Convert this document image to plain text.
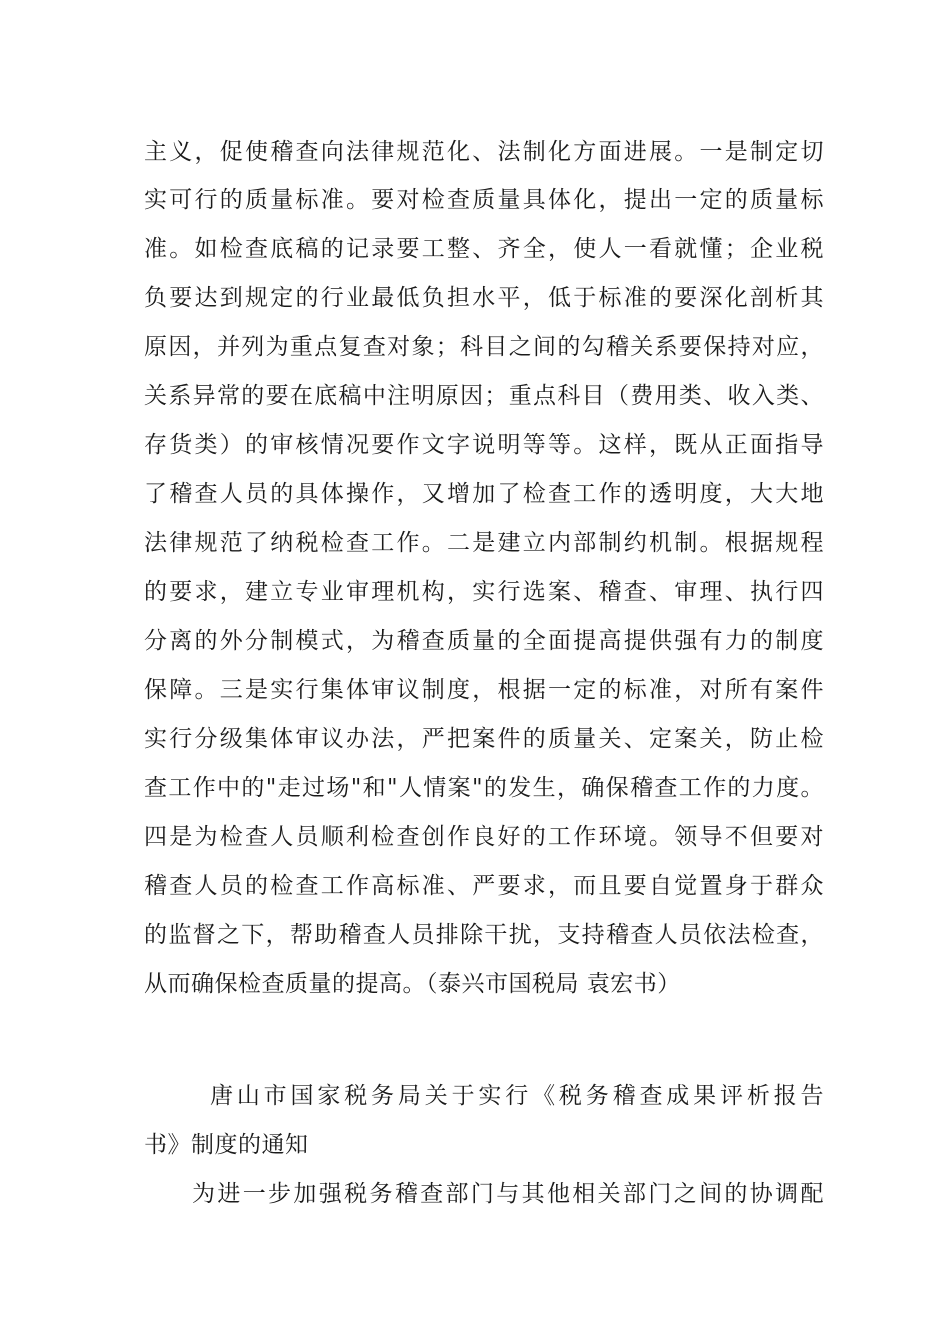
主义，促使稽查向法律规范化、法制化方面进展。一是制定切
实可行的质量标准。要对检查质量具体化，提出一定的质量标
准。如检查底稿的记录要工整、齐全，使人一看就懂；企业税
负要达到规定的行业最低负担水平，低于标准的要深化剖析其
原因，并列为重点复查对象；科目之间的勾稽关系要保持对应，
关系异常的要在底稿中注明原因；重点科目（费用类、收入类、
存货类）的审核情况要作文字说明等等。这样，既从正面指导
了稽查人员的具体操作，又增加了检查工作的透明度，大大地
法律规范了纳税检查工作。二是建立内部制约机制。根据规程
的要求，建立专业审理机构，实行选案、稽查、审理、执行四
分离的外分制模式，为稽查质量的全面提高提供强有力的制度
保障。三是实行集体审议制度，根据一定的标准，对所有案件
实行分级集体审议办法，严把案件的质量关、定案关，防止检
查工作中的"走过场"和"人情案"的发生，确保稽查工作的力度。
四是为检查人员顺利检查创作良好的工作环境。领导不但要对
稽查人员的检查工作高标准、严要求，而且要自觉置身于群众
的监督之下，帮助稽查人员排除干扰，支持稽查人员依法检查，
从而确保检查质量的提高。（泰兴市国税局 袁宏书）
唐山市国家税务局关于实行《税务稽查成果评析报告
书》制度的通知
为进一步加强税务稽查部门与其他相关部门之间的协调配
